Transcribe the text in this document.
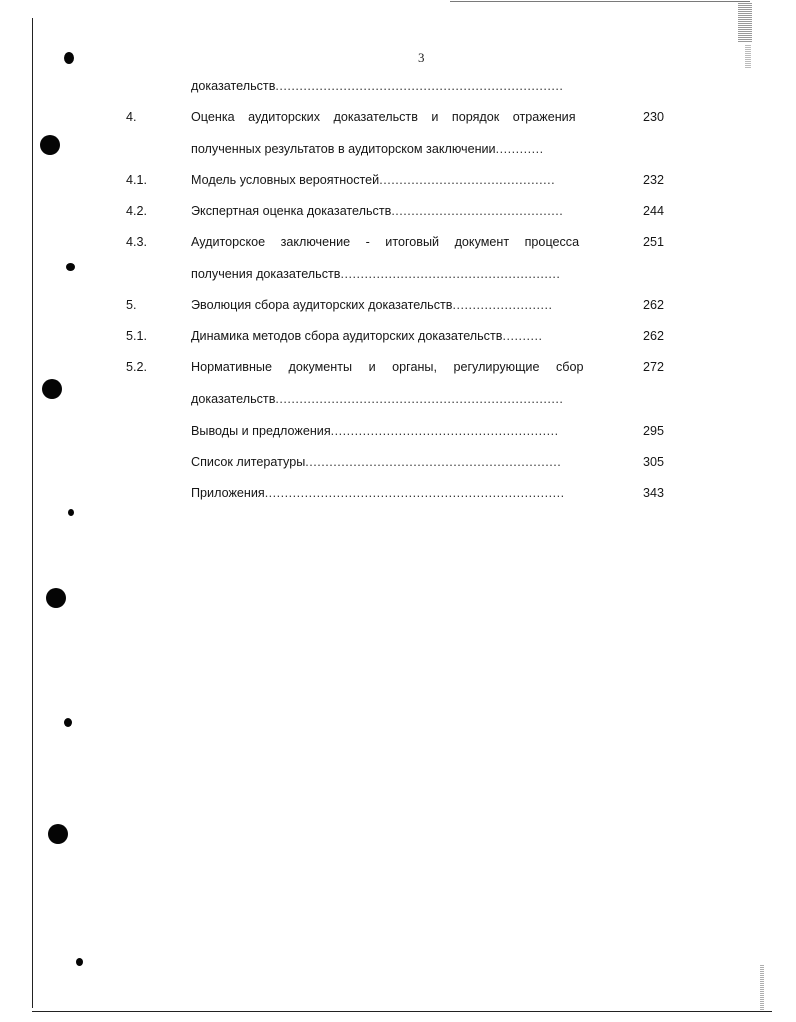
3
доказательств........................................................................
4.	Оценка аудиторских доказательств и порядок отражения	230
полученных результатов в аудиторском заключении............
4.1.	Модель условных вероятностей............................................	232
4.2.	Экспертная оценка доказательств...........................................	244
4.3.	Аудиторское заключение - итоговый документ процесса	251
получения доказательств.......................................................
5.	Эволюция сбора аудиторских доказательств.........................	262
5.1.	Динамика методов сбора аудиторских доказательств..........	262
5.2.	Нормативные документы и органы, регулирующие сбор	272
доказательств........................................................................
Выводы и предложения.........................................................	295
Список литературы................................................................	305
Приложения...........................................................................	343
